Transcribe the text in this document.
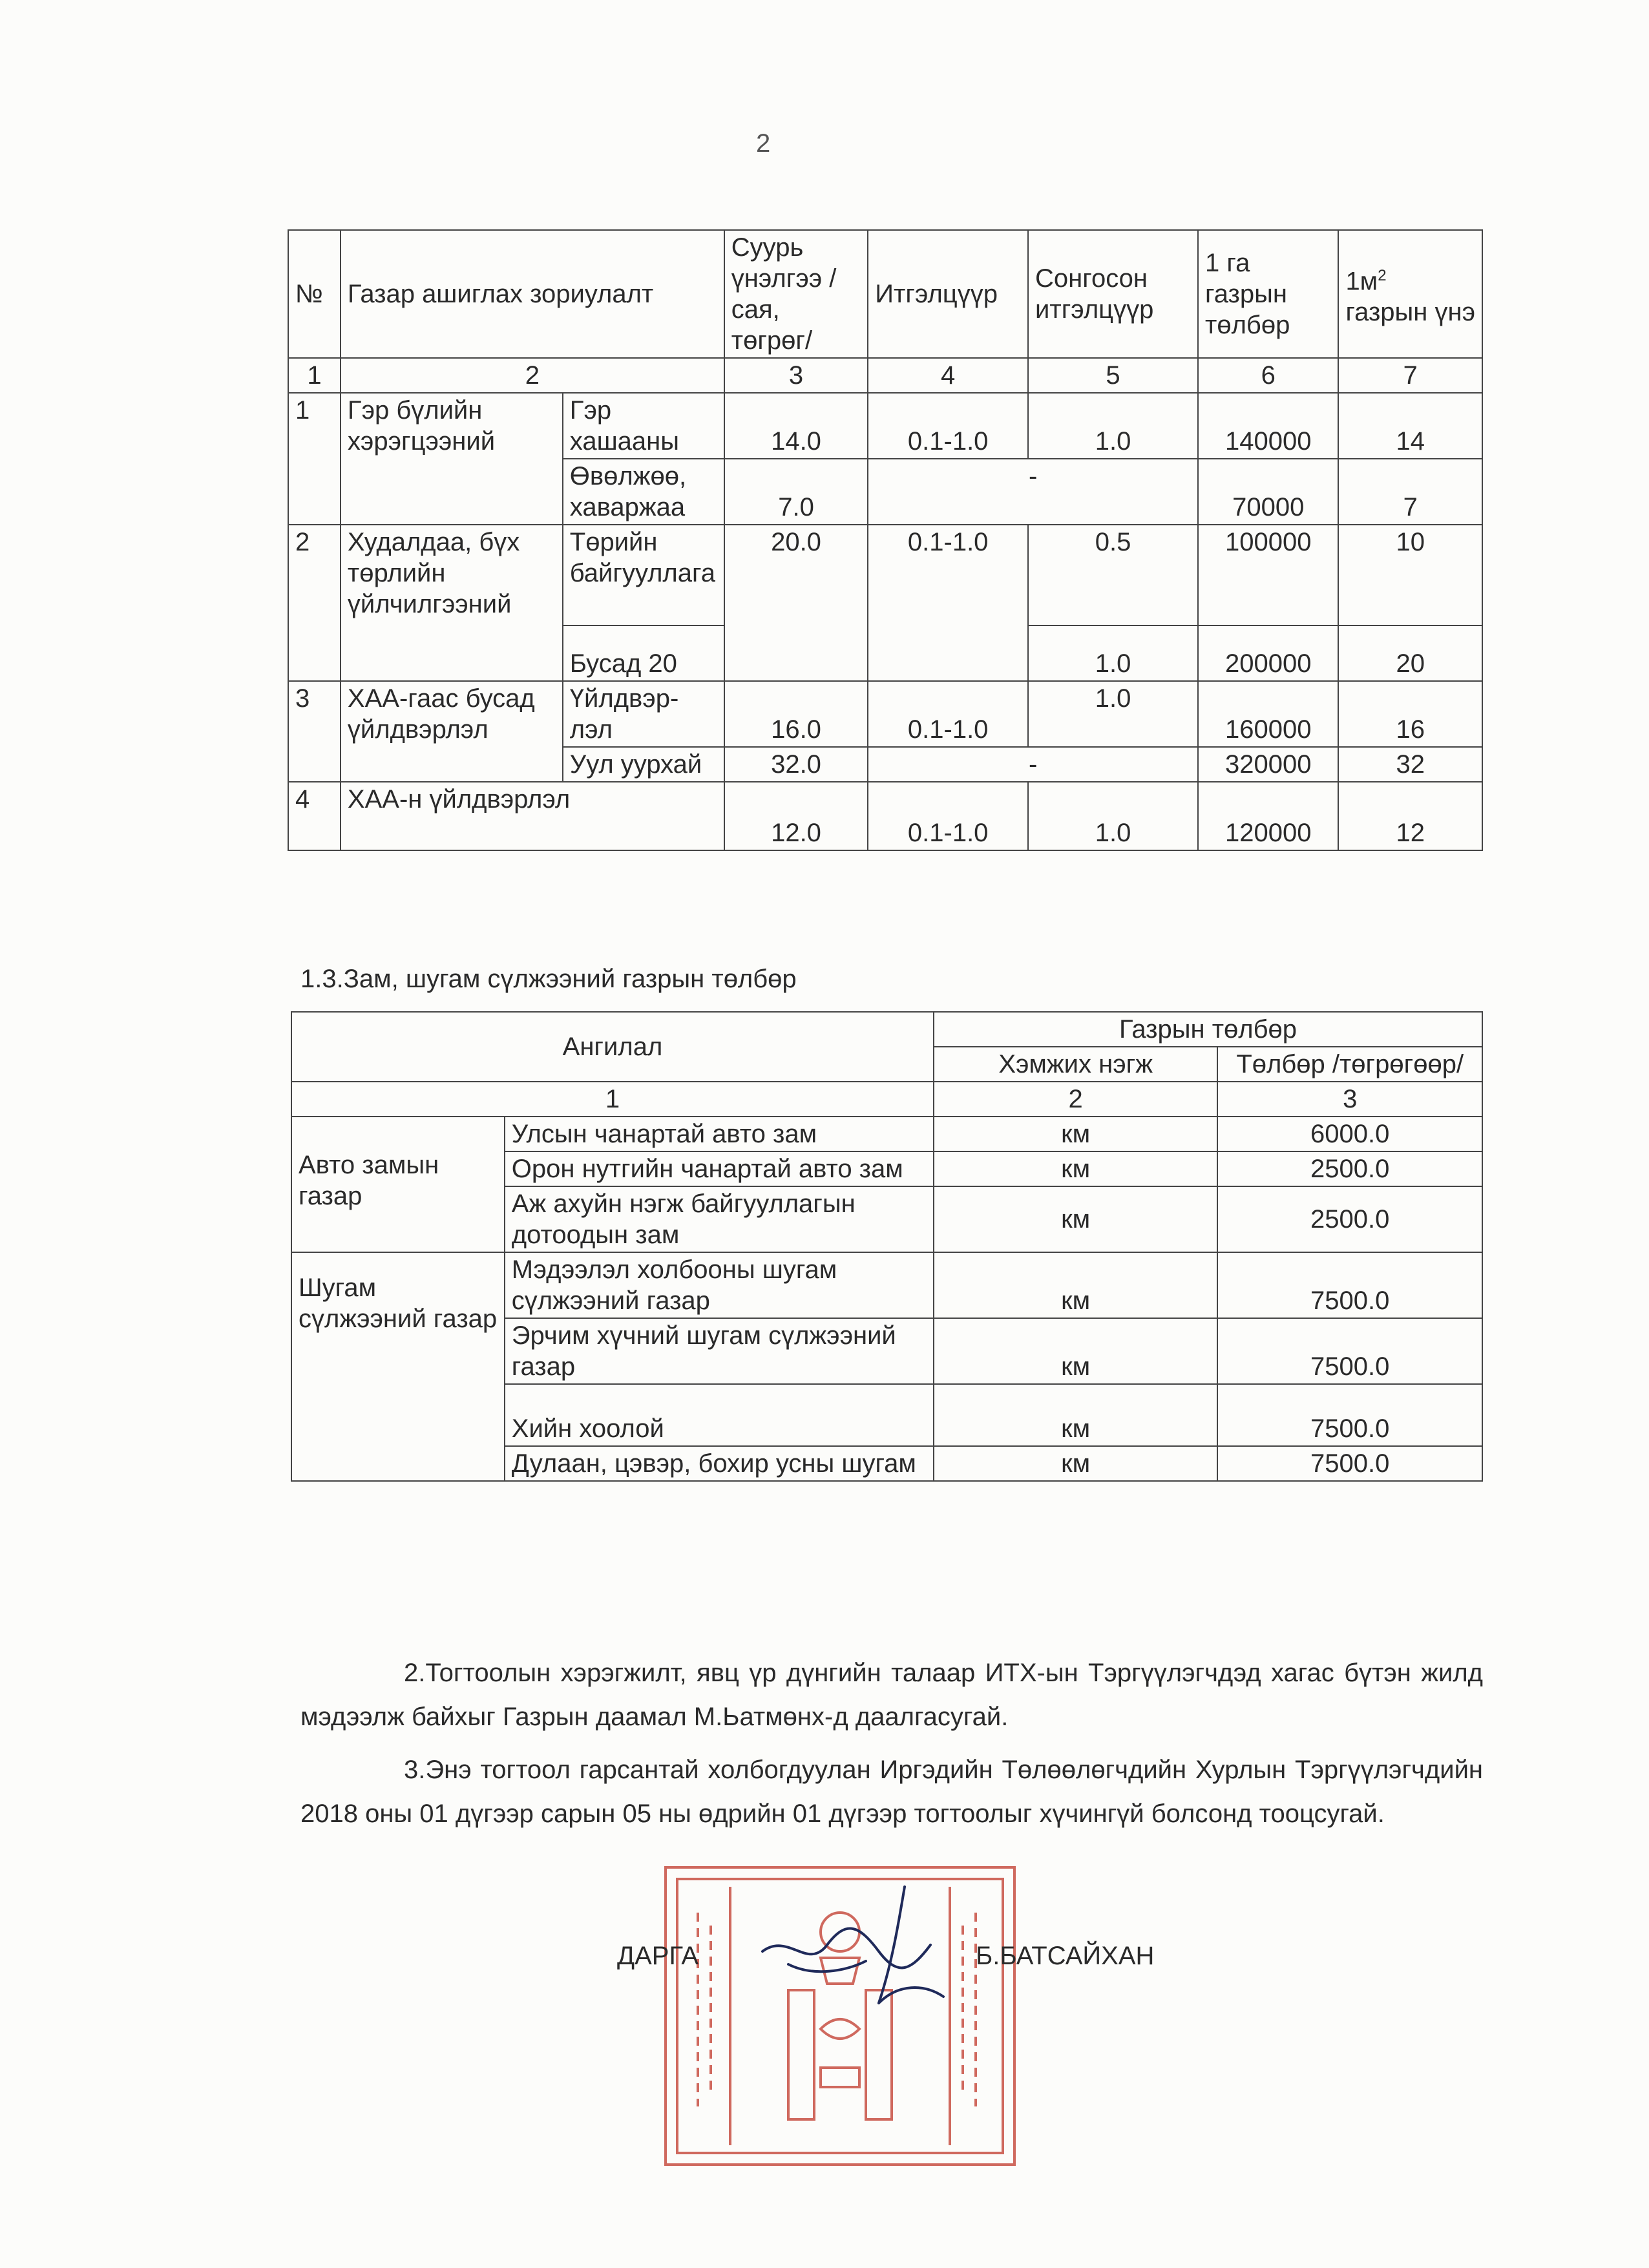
2
№	Газар ашиглах зориулалт		Суурь үнэлгээ /сая, төгрөг/	Итгэлцүүр	Сонгосон итгэлцүүр	1 га газрын төлбөр	$1м^2$
газрын үнэ
1	2		3	4	5	6	7
1	Гэр бүлийн хэрэгцээний	Гэр хашааны	14.0	0.1-1.0	1.0	140000	14
		Өвөлжөө, хаваржаа	7.0	-		70000	7
2	Худалдаа, бүх төрлийн үйлчилгээний	Төрийн байгууллага	20.0	0.1-1.0	0.5	100000	10
		Бусад 20			1.0	200000	20
3	ХАА-гаас бусад үйлдвэрлэл	Үйлдвэр-лэл	16.0	0.1-1.0	1.0	160000	16
		Уул уурхай	32.0	-		320000	32
4	ХАА-н үйлдвэрлэл		12.0	0.1-1.0	1.0	120000	12
1.3.Зам, шугам сүлжээний газрын төлбөр
Ангилал		Газрын төлбөр	
		Хэмжих нэгж	Төлбөр /төгрөгөөр/
1		2	3
Авто замын газар	Улсын чанартай авто зам	км	6000.0
	Орон нутгийн чанартай авто зам	км	2500.0
	Аж ахуйн нэгж байгууллагын дотоодын зам	км	2500.0
Шугам сүлжээний газар	Мэдээлэл холбооны шугам сүлжээний газар	км	7500.0
	Эрчим хүчний шугам сүлжээний газар	км	7500.0
	Хийн хоолой	км	7500.0
	Дулаан, цэвэр, бохир усны шугам	км	7500.0
2.Тогтоолын хэрэгжилт, явц үр дүнгийн талаар ИТХ-ын Тэргүүлэгчдэд хагас бүтэн жилд мэдээлж байхыг Газрын даамал М.Ьатмөнх-д даалгасугай.
3.Энэ тогтоол гарсантай холбогдуулан Иргэдийн Төлөөлөгчдийн Хурлын Тэргүүлэгчдийн 2018 оны 01 дүгээр сарын 05 ны өдрийн 01 дүгээр тогтоолыг хүчингүй болсонд тооцсугай.
ДАРГА	Б.БАТСАЙХАН
